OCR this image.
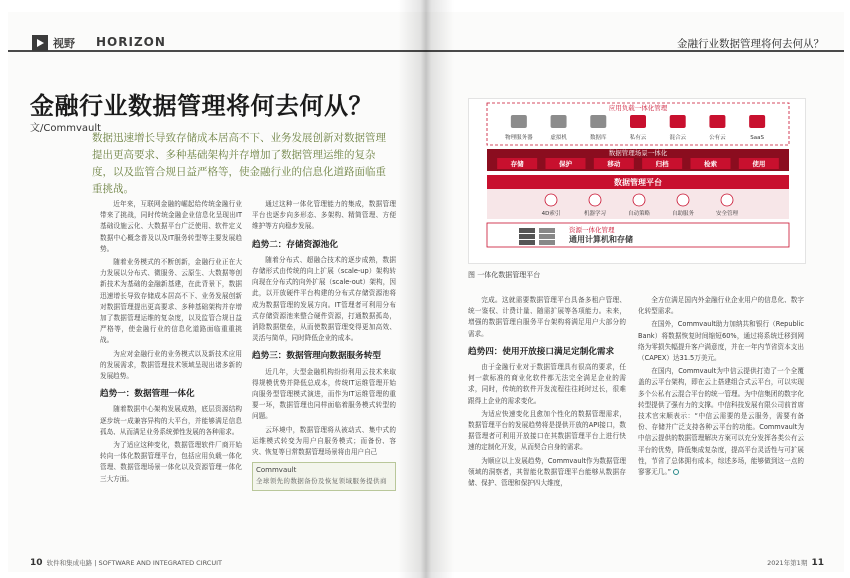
视野 HORIZON
金融行业数据管理将何去何从？
文/Commvault
数据迅速增长导致存储成本居高不下、业务发展创新对数据管理提出更高要求、多种基础架构并存增加了数据管理运维的复杂度，以及监管合规日益严格等，使金融行业的信息化道路面临重重挑战。

近年来，互联网金融的崛起给传统金融行业带来了挑战，同时传统金融企业信息化呈现出IT基础设施云化、大数据平台广泛使用、软件定义数据中心概念普及以及IT服务转型等主要发展趋势。

随着业务模式的不断创新，金融行业正在大力发展以分布式、微服务、云原生、大数据等创新技术为基础的金融新基建，在此背景下，数据迅速增长导致存储成本居高不下、业务发展创新对数据管理提出更高要求、多种基础架构并存增加了数据管理运维的复杂度，以及监管合规日益严格等，使金融行业的信息化道路面临重重挑战。

为应对金融行业的业务模式以及新技术应用的发展需求，数据管理技术领域呈现出诸多新的发展趋势。

趋势一：数据管理一体化

随着数据中心架构发展成熟，底层资源结构逐步统一成兼容异构的大平台，并能够满足信息孤岛、从而满足业务系统弹性发展的各种需求。

为了适应这种变化，数据管理软件厂商开始转向一体化数据管理平台，包括应用负载一体化管理、数据管理场景一体化以及资源管理一体化三大方面。

通过这种一体化管理能力的集成，数据管理平台也逐步向多形态、多架构、精简管理、方便维护等方向稳步发展。

趋势二：存储资源池化

随着分布式、超融合技术的逐步成熟，数据存储形式由传统的向上扩展（scale-up）架构转向现在分布式的向外扩展（scale-out）架构，因此，以开放硬件平台构建的分布式存储资源池将成为数据管理的发展方向。IT管理者可利用分布式存储资源池来整合硬件资源，打通数据孤岛，消除数据壁垒，从而使数据管理变得更加高效、灵活与简单，同时降低企业的成本。

趋势三：数据管理向数据服务转型

近几年，大型金融机构纷纷利用云技术来取得规模优势并降低总成本，传统IT运维管理开始向服务型管理模式演进，而作为IT运维管理的重要一环，数据管理也同样面临着服务模式转型的问题。

云环境中，数据管理将从被动式、集中式的运维模式转变为用户自服务模式；而备份、容灾、恢复等日常数据管理场景将由用户自己

Commvault
全球领先的数据备份及恢复领域服务提供商
10 软件和集成电路 | SOFTWARE AND INTEGRATED CIRCUIT
金融行业数据管理将何去何从？
应用负载一体化管理
物理服务器	虚拟机	数据库	私有云	混合云	公有云	SaaS
数据管理场景一体化
存储	保护	移动	归档	检索	使用
数据管理平台
4D索引	机器学习	自动策略	自助服务	安全管理
资源一体化管理
通用计算机和存储
图 一体化数据管理平台

完成。这就需要数据管理平台具备多租户管理、统一鉴权、计费计量、随需扩展等各项能力。未来，增强的数据管理自服务平台架构将满足用户大部分的需求。

趋势四：使用开放接口满足定制化需求

由于金融行业对于数据管理具有很高的要求，任何一款标准的商业化软件都无法完全满足企业的需求，同时，传统的软件开发流程往往耗时过长，很难跟得上企业的需求变化。

为适应快速变化且愈加个性化的数据管理需求，数据管理平台的发展趋势将是提供开放的API接口，数据管理者可利用开放接口在其数据管理平台上进行快速的定制化开发，从而契合自身的需求。

为顺应以上发展趋势，Commvault作为数据管理领域的洞察者，其智能化数据管理平台能够从数据存储、保护、管理和保护四大维度，

全方位满足国内外金融行业企业用户的信息化、数字化转型需求。

在国外，Commvault助力加纳共和银行（Republic Bank）将数据恢复时间缩短60%，通过将系统迁移到网络为零损失幅提升客户满意度，并在一年内节省资本支出（CAPEX）达31.5万美元。

在国内，Commvault为中信云提供打造了一个全覆盖的云平台架构，即在云上搭建组合式云平台，可以实现多个公私有云混合平台的统一管理。为中信集团的数字化转型提供了强有力的支撑。中信科技发展有限公司前首席技术官宋顺表示：“中信云需要的是云服务，需要有备份、存储并广泛支持各种云平台的功能。Commvault为中信云提供的数据管理解决方案可以充分发挥各类公有云平台的优势，降低集成复杂度，提高平台灵活性与可扩展性，节省了总体拥有成本，综述多场，能够做到这一点的寥寥无几。”

2021年第1期 11
